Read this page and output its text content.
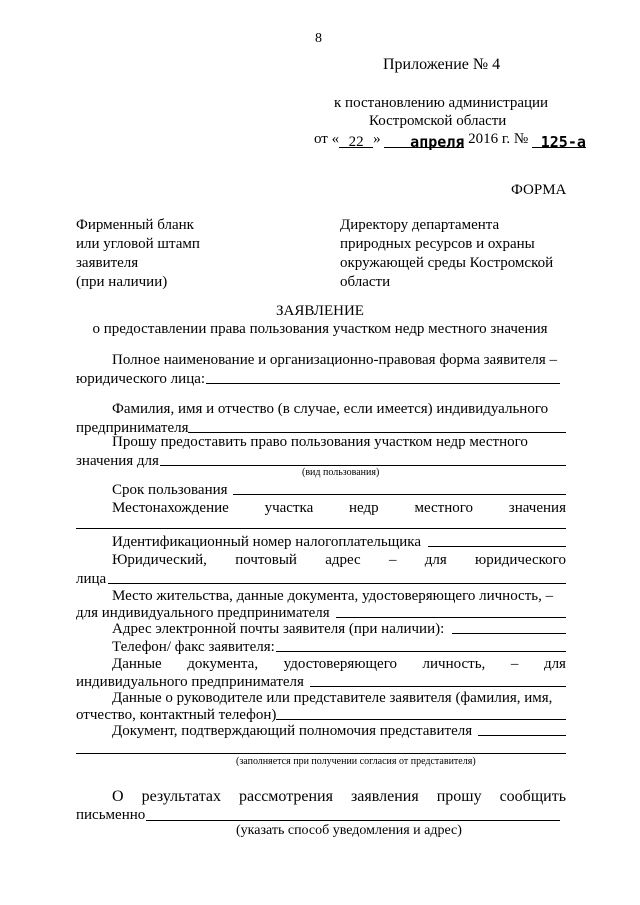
8
Приложение № 4
к постановлению администрации
Костромской области
от « 22 » апреля 2016 г. № 125-а
ФОРМА
Фирменный бланк
или угловой штамп
заявителя
(при наличии)
Директору департамента
природных ресурсов и охраны
окружающей среды Костромской
области
ЗАЯВЛЕНИЕ
о предоставлении права пользования участком недр местного значения
Полное наименование и организационно-правовая форма заявителя –
юридического лица:
Фамилия, имя и отчество (в случае, если имеется) индивидуального
предпринимателя
Прошу предоставить право пользования участком недр местного
значения для
(вид пользования)
Срок пользования
Местонахождение участка недр местного значения
Идентификационный номер налогоплательщика
Юридический, почтовый адрес – для юридического
лица
Место жительства, данные документа, удостоверяющего личность, –
для индивидуального предпринимателя
Адрес электронной почты заявителя (при наличии):
Телефон/ факс заявителя:
Данные документа, удостоверяющего личность, – для
индивидуального предпринимателя
Данные о руководителе или представителе заявителя (фамилия, имя,
отчество, контактный телефон)
Документ, подтверждающий полномочия представителя
(заполняется при получении согласия от представителя)
О результатах рассмотрения заявления прошу сообщить
письменно
(указать способ уведомления и адрес)
